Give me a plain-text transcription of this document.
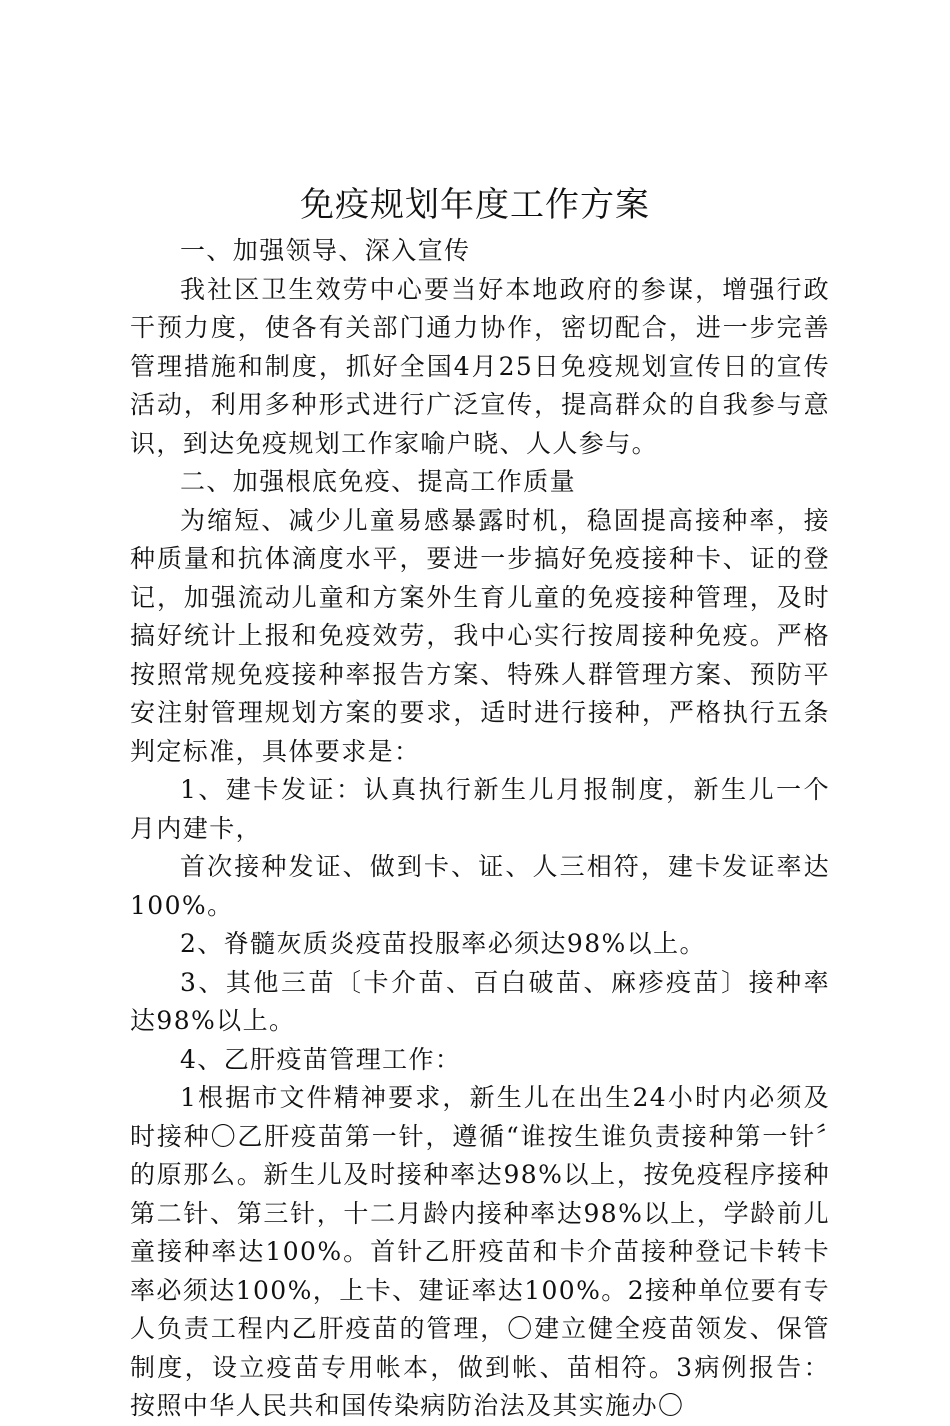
免疫规划年度工作方案

一、加强领导、深入宣传

我社区卫生效劳中心要当好本地政府的参谋，增强行政干预力度，使各有关部门通力协作，密切配合，进一步完善管理措施和制度，抓好全国4月25日免疫规划宣传日的宣传活动，利用多种形式进行广泛宣传，提高群众的自我参与意识，到达免疫规划工作家喻户晓、人人参与。

二、加强根底免疫、提高工作质量

为缩短、减少儿童易感暴露时机，稳固提高接种率，接种质量和抗体滴度水平，要进一步搞好免疫接种卡、证的登记，加强流动儿童和方案外生育儿童的免疫接种管理，及时搞好统计上报和免疫效劳，我中心实行按周接种免疫。严格按照常规免疫接种率报告方案、特殊人群管理方案、预防平安注射管理规划方案的要求，适时进行接种，严格执行五条判定标准，具体要求是：

1、建卡发证：认真执行新生儿月报制度，新生儿一个月内建卡，

首次接种发证、做到卡、证、人三相符，建卡发证率达100%。

2、脊髓灰质炎疫苗投服率必须达98%以上。

3、其他三苗〔卡介苗、百白破苗、麻疹疫苗〕接种率达98%以上。

4、乙肝疫苗管理工作：

1根据市文件精神要求，新生儿在出生24小时内必须及时接种〇乙肝疫苗第一针，遵循“谁按生谁负责接种第一针〞的原那么。新生儿及时接种率达98%以上，按免疫程序接种第二针、第三针，十二月龄内接种率达98%以上，学龄前儿童接种率达100%。首针乙肝疫苗和卡介苗接种登记卡转卡率必须达100%，上卡、建证率达100%。2接种单位要有专人负责工程内乙肝疫苗的管理，〇建立健全疫苗领发、保管制度，设立疫苗专用帐本，做到帐、苗相符。3病例报告：按照中华人民共和国传染病防治法及其实施办〇
